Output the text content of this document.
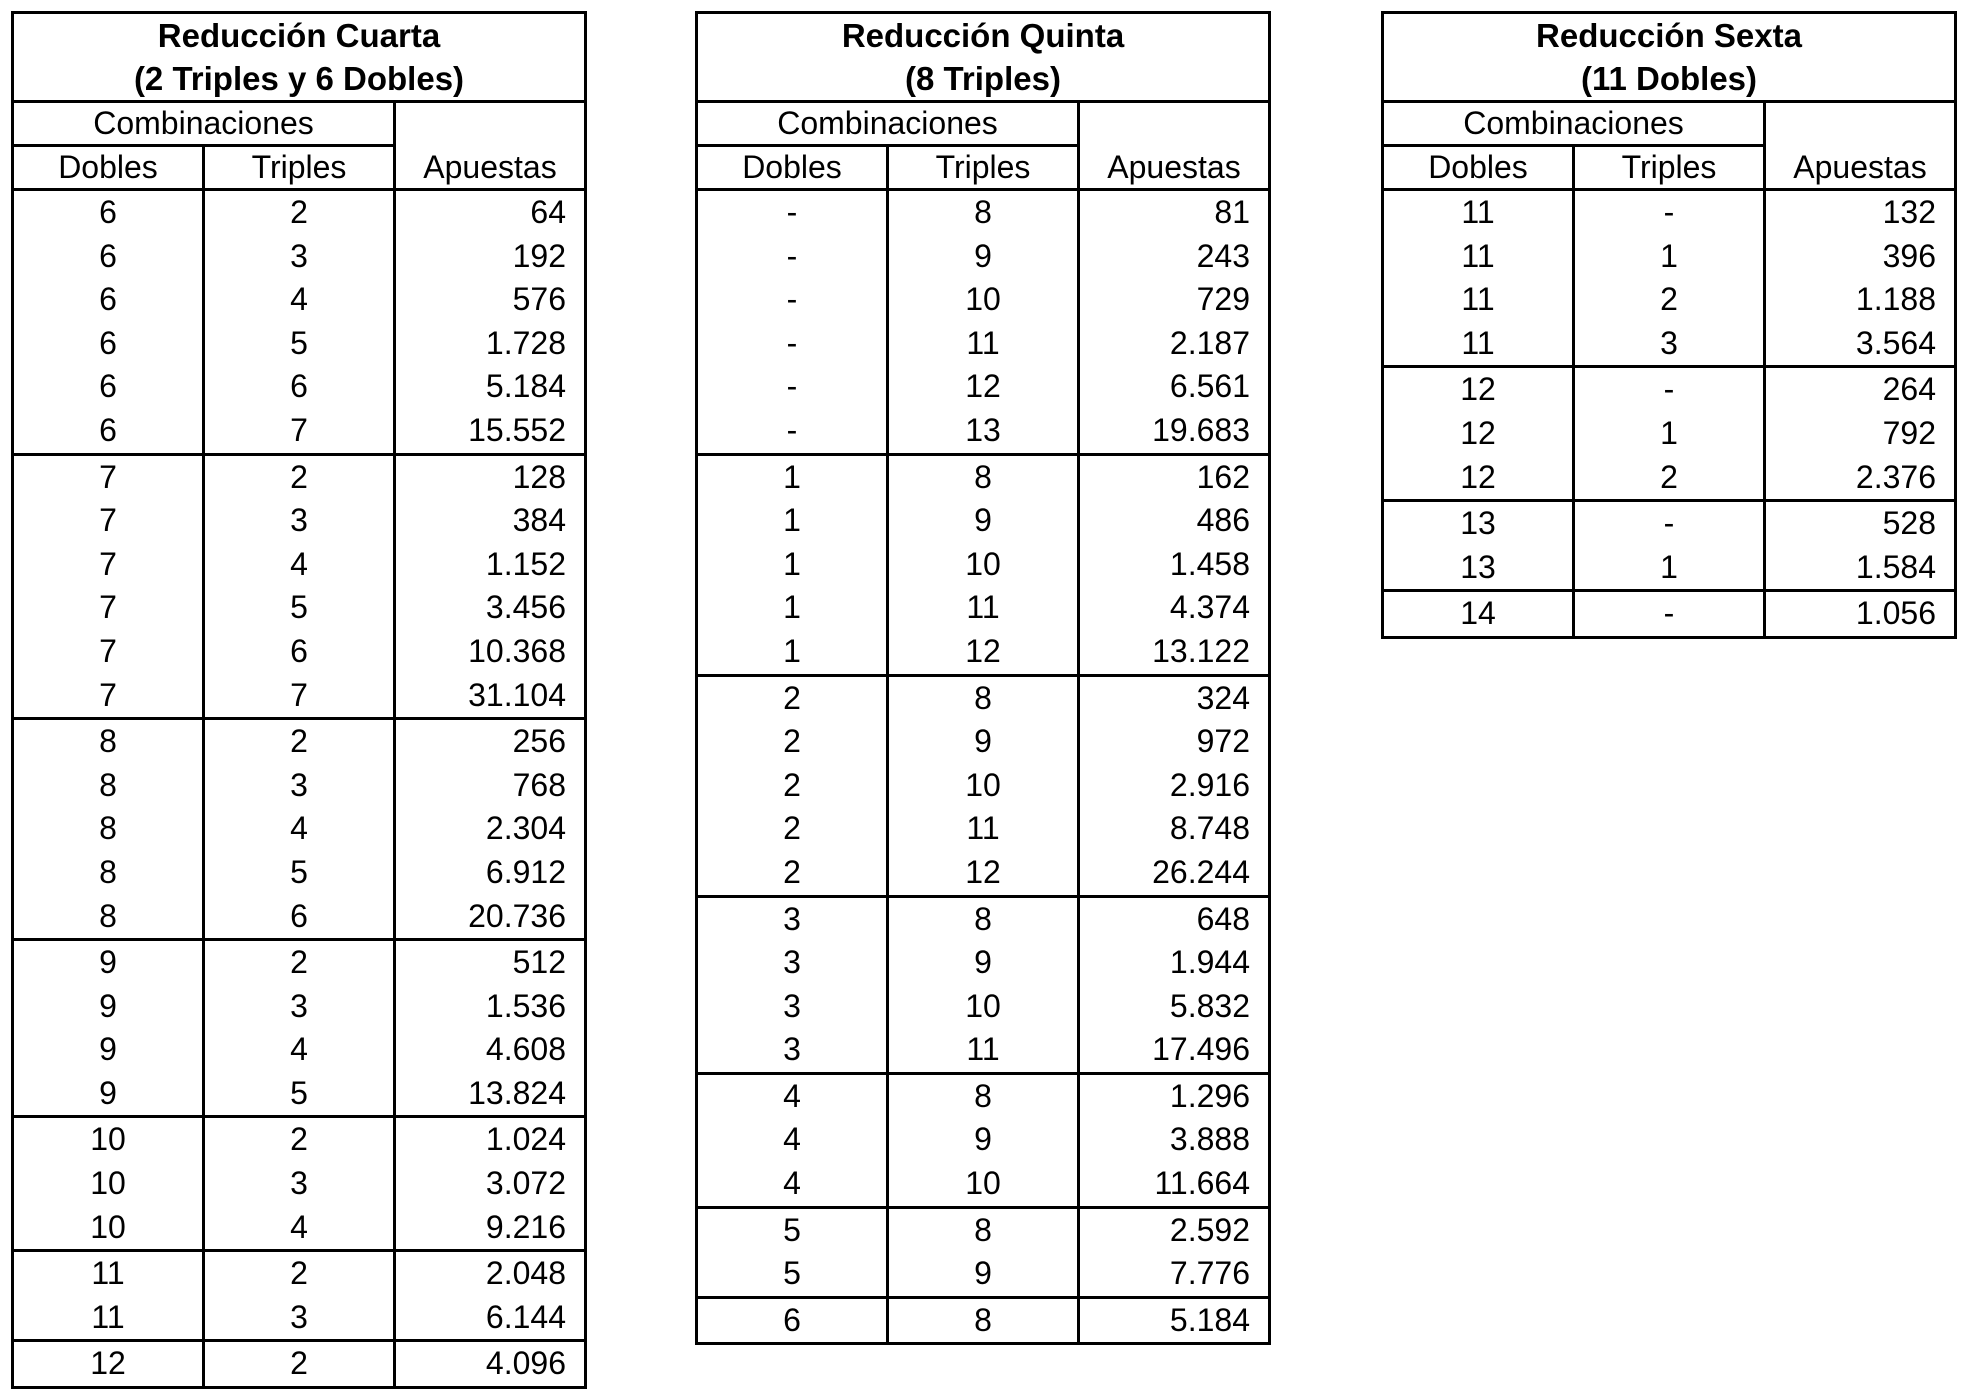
Reducción Cuarta
(2 Triples y 6 Dobles)		

Combinaciones		Apuestas
Dobles	Triples	
6	2	64
6	3	192
6	4	576
6	5	1.728
6	6	5.184
6	7	15.552
7	2	128
7	3	384
7	4	1.152
7	5	3.456
7	6	10.368
7	7	31.104
8	2	256
8	3	768
8	4	2.304
8	5	6.912
8	6	20.736
9	2	512
9	3	1.536
9	4	4.608
9	5	13.824
10	2	1.024
10	3	3.072
10	4	9.216
11	2	2.048
11	3	6.144
12	2	4.096
Reducción Quinta
(8 Triples)		

Combinaciones		Apuestas
Dobles	Triples	
-	8	81
-	9	243
-	10	729
-	11	2.187
-	12	6.561
-	13	19.683
1	8	162
1	9	486
1	10	1.458
1	11	4.374
1	12	13.122
2	8	324
2	9	972
2	10	2.916
2	11	8.748
2	12	26.244
3	8	648
3	9	1.944
3	10	5.832
3	11	17.496
4	8	1.296
4	9	3.888
4	10	11.664
5	8	2.592
5	9	7.776
6	8	5.184
Reducción Sexta
(11 Dobles)		

Combinaciones		Apuestas
Dobles	Triples	
11	-	132
11	1	396
11	2	1.188
11	3	3.564
12	-	264
12	1	792
12	2	2.376
13	-	528
13	1	1.584
14	-	1.056
